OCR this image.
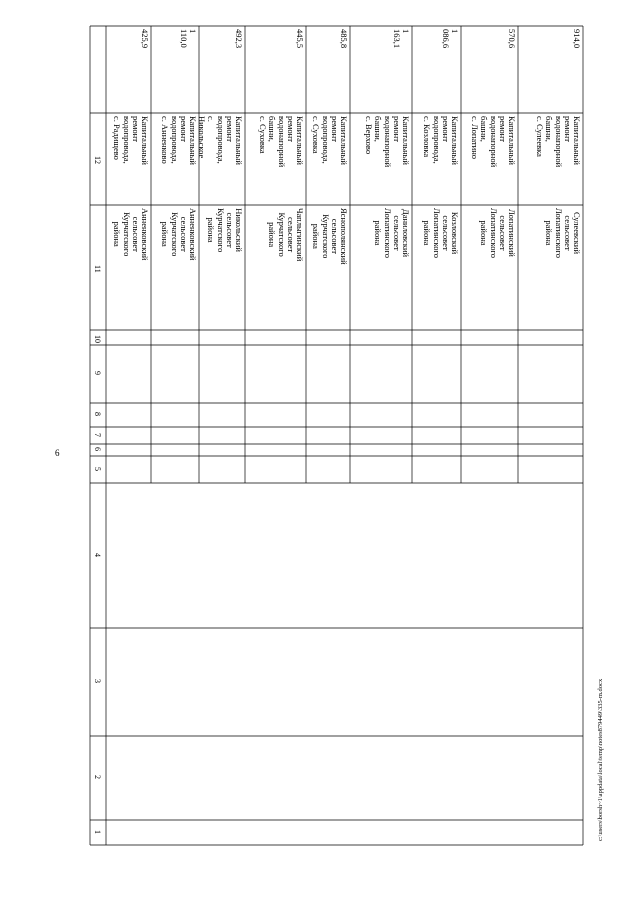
6
1
2
3
4
5
6
7
8
9
10
11
12
Анненковский
сельсовет
Курчатского района
Капитальный
ремонт
водопровода,
с. Радищево
425,9
Анненковский
сельсовет
Курчатского района
Капитальный
ремонт
водопровода,
с. Анненково
1 110,0
Никольский
сельсовет
Курчатского района
Капитальный
ремонт
водопровода,
с. Никольское
492,3
Чаплыгинский
сельсовет
Курчатского района
Капитальный
ремонт
водонапорной
башни,
с. Суховка
445,5
Яснополянский
сельсовет
Курчатского района
Капитальный
ремонт
водопровода,
с. Суховка
485,8
Даниловский
сельсовет
Лопатинского района
Капитальный
ремонт
водонапорной
башни,
с. Верхово
1 163,1
Козловский
сельсовет
Лопатинского района
Капитальный
ремонт
водопровода,
с. Козловка
1 086,6
Лопатинский
сельсовет
Лопатинского района
Капитальный
ремонт
водонапорной
башни,
с. Лопатино
570,6
Сулеевский
сельсовет
Лопатинского района
Капитальный
ремонт
водонапорной
башни,
с. Сулеевка
914,0
c:\users\borsh~1\appdata\local\temp\notes879449\335-m.docx
